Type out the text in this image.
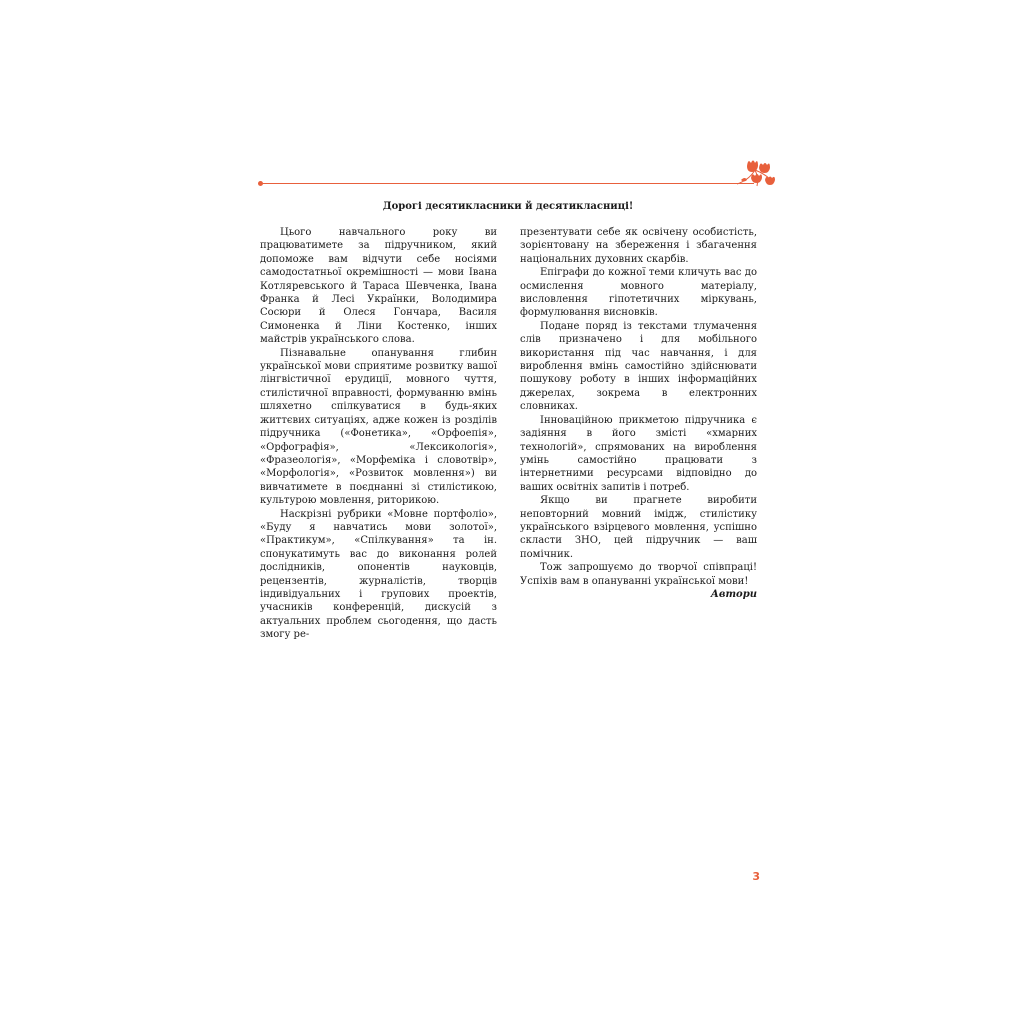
Дорогі десятикласники й десятикласниці!

Цього навчального року ви працюватимете за підручником, який допоможе вам відчути себе носіями самодостатньої окремішності — мови Івана Котляревського й Тараса Шевченка, Івана Франка й Лесі Українки, Володимира Сосюри й Олеся Гончара, Василя Симоненка й Ліни Костенко, інших майстрів українського слова.

Пізнавальне опанування глибин української мови сприятиме розвитку вашої лінгвістичної ерудиції, мовного чуття, стилістичної вправності, формуванню вмінь шляхетно спілкуватися в будь-яких життєвих ситуаціях, адже кожен із розділів підручника («Фонетика», «Орфоепія», «Орфографія», «Лексикологія», «Фразеологія», «Морфеміка і словотвір», «Морфологія», «Розвиток мовлення») ви вивчатимете в поєднанні зі стилістикою, культурою мовлення, риторикою.

Наскрізні рубрики «Мовне портфоліо», «Буду я навчатись мови золотої», «Практикум», «Спілкування» та ін. спонукатимуть вас до виконання ролей дослідників, опонентів науковців, рецензентів, журналістів, творців індивідуальних і групових проектів, учасників конференцій, дискусій з актуальних проблем сьогодення, що дасть змогу ре-

презентувати себе як освічену особистість, зорієнтовану на збереження і збагачення національних духовних скарбів.

Епіграфи до кожної теми кличуть вас до осмислення мовного матеріалу, висловлення гіпотетичних міркувань, формулювання висновків.

Подане поряд із текстами тлумачення слів призначено і для мобільного використання під час навчання, і для вироблення вмінь самостійно здійснювати пошукову роботу в інших інформаційних джерелах, зокрема в електронних словниках.

Інноваційною прикметою підручника є задіяння в його змісті «хмарних технологій», спрямованих на вироблення умінь самостійно працювати з інтернетними ресурсами відповідно до ваших освітніх запитів і потреб.

Якщо ви прагнете виробити неповторний мовний імідж, стилістику українського взірцевого мовлення, успішно скласти ЗНО, цей підручник — ваш помічник.

Тож запрошуємо до творчої співпраці! Успіхів вам в опануванні української мови!

Автори

3
